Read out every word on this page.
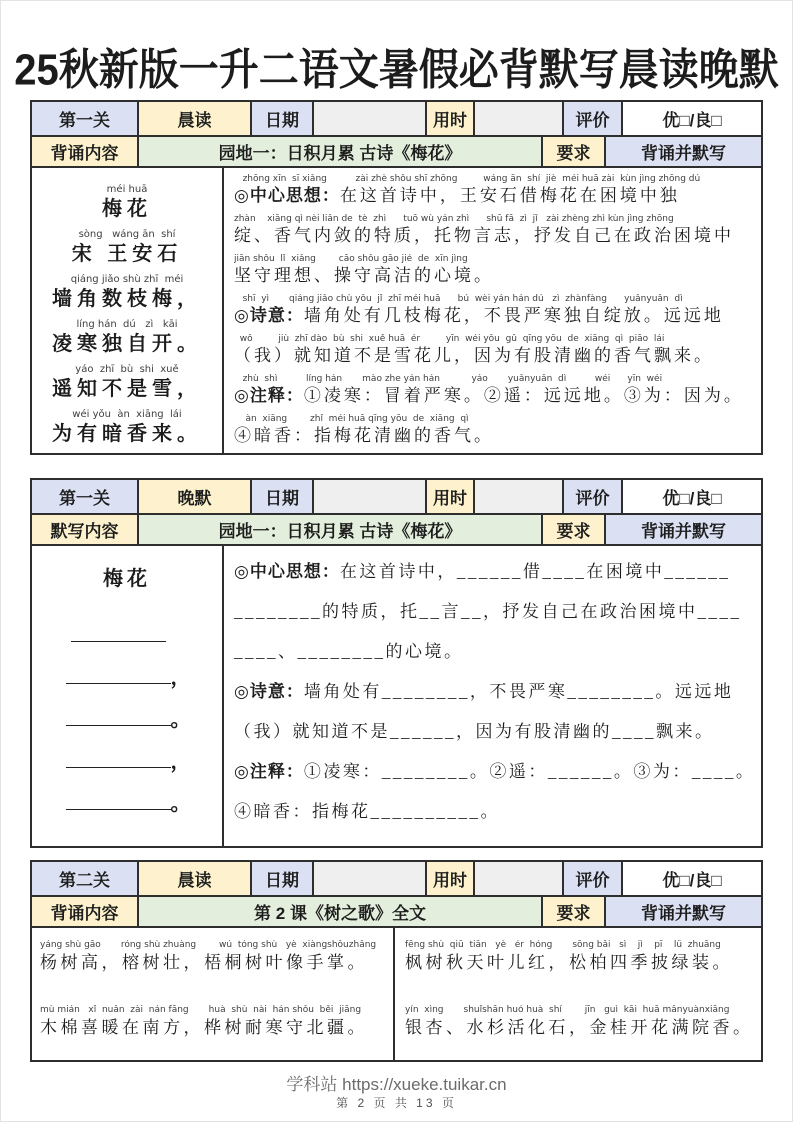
25秋新版一升二语文暑假必背默写晨读晚默
第一关	晨读	日期	用时	评价	优□/良□
背诵内容	园地一：日积月累 古诗《梅花》	要求	背诵并默写
méi huā
梅花
sòng   wáng ān  shí
宋 王安石
qiáng jiǎo shù zhī  méi
墙角数枝梅，
líng hán  dú   zì   kāi
凌寒独自开。
yáo  zhī  bù  shi  xuě
遥知不是雪，
wéi yǒu  àn  xiāng  lái
为有暗香来。
zhōng xīn  sī xiǎng          zài zhè shǒu shī zhōng         wáng ān  shí  jiè  méi huā zài  kùn jìng zhōng dú
◎中心思想：在这首诗中，王安石借梅花在困境中独
zhàn    xiāng qì nèi liǎn de  tè  zhì      tuō wù yán zhì      shū fā  zì  jǐ   zài zhèng zhì kùn jìng zhōng
绽、香气内敛的特质，托物言志，抒发自己在政治困境中
jiān shǒu  lǐ  xiǎng        cāo shǒu gāo jié  de  xīn jìng
坚守理想、操守高洁的心境。
shī  yì       qiáng jiǎo chù yǒu  jǐ  zhī méi huā      bú  wèi yán hán dú   zì  zhànfàng      yuǎnyuǎn  dì
◎诗意：墙角处有几枝梅花，不畏严寒独自绽放。远远地
wǒ         jiù  zhī dào  bù  shi  xuě huā  ér         yīn  wéi yǒu  gǔ  qīng yōu  de  xiāng  qì  piāo  lái
（我）就知道不是雪花儿，因为有股清幽的香气飘来。
zhù  shì          líng hán       mào zhe yán hán           yáo       yuǎnyuǎn  dì          wéi      yīn  wéi
◎注释：①凌寒：冒着严寒。②遥：远远地。③为：因为。
àn  xiāng        zhǐ  méi huā qīng yōu  de  xiāng  qì
④暗香：指梅花清幽的香气。
第一关	晚默	日期	用时	评价	优□/良□
默写内容	园地一：日积月累 古诗《梅花》	要求	背诵并默写
梅花
，
。
，
。
◎中心思想：在这首诗中，______借____在困境中______
________的特质，托__言__，抒发自己在政治困境中____
____、________的心境。
◎诗意：墙角处有________，不畏严寒________。远远地
（我）就知道不是______，因为有股清幽的____飘来。
◎注释：①凌寒：________。②遥：______。③为：____。
④暗香：指梅花__________。
第二关	晨读	日期	用时	评价	优□/良□
背诵内容	第 2 课《树之歌》全文	要求	背诵并默写
yáng shù gāo       róng shù zhuàng        wú  tóng shù   yè  xiàngshǒuzhǎng
杨树高，榕树壮，梧桐树叶像手掌。
mù mián   xǐ  nuǎn  zài  nán fāng       huà  shù  nài  hán shǒu  běi  jiāng
木棉喜暖在南方，桦树耐寒守北疆。
fēng shù  qiū  tiān   yè   ér  hóng       sōng bǎi   sì    jì    pī    lǜ  zhuāng
枫树秋天叶儿红，松柏四季披绿装。
yín  xìng       shuǐshān huó huà  shí        jīn   guì  kāi  huā mǎnyuànxiāng
银杏、水杉活化石，金桂开花满院香。
学科站 https://xueke.tuikar.cn
第 2 页 共 13 页
